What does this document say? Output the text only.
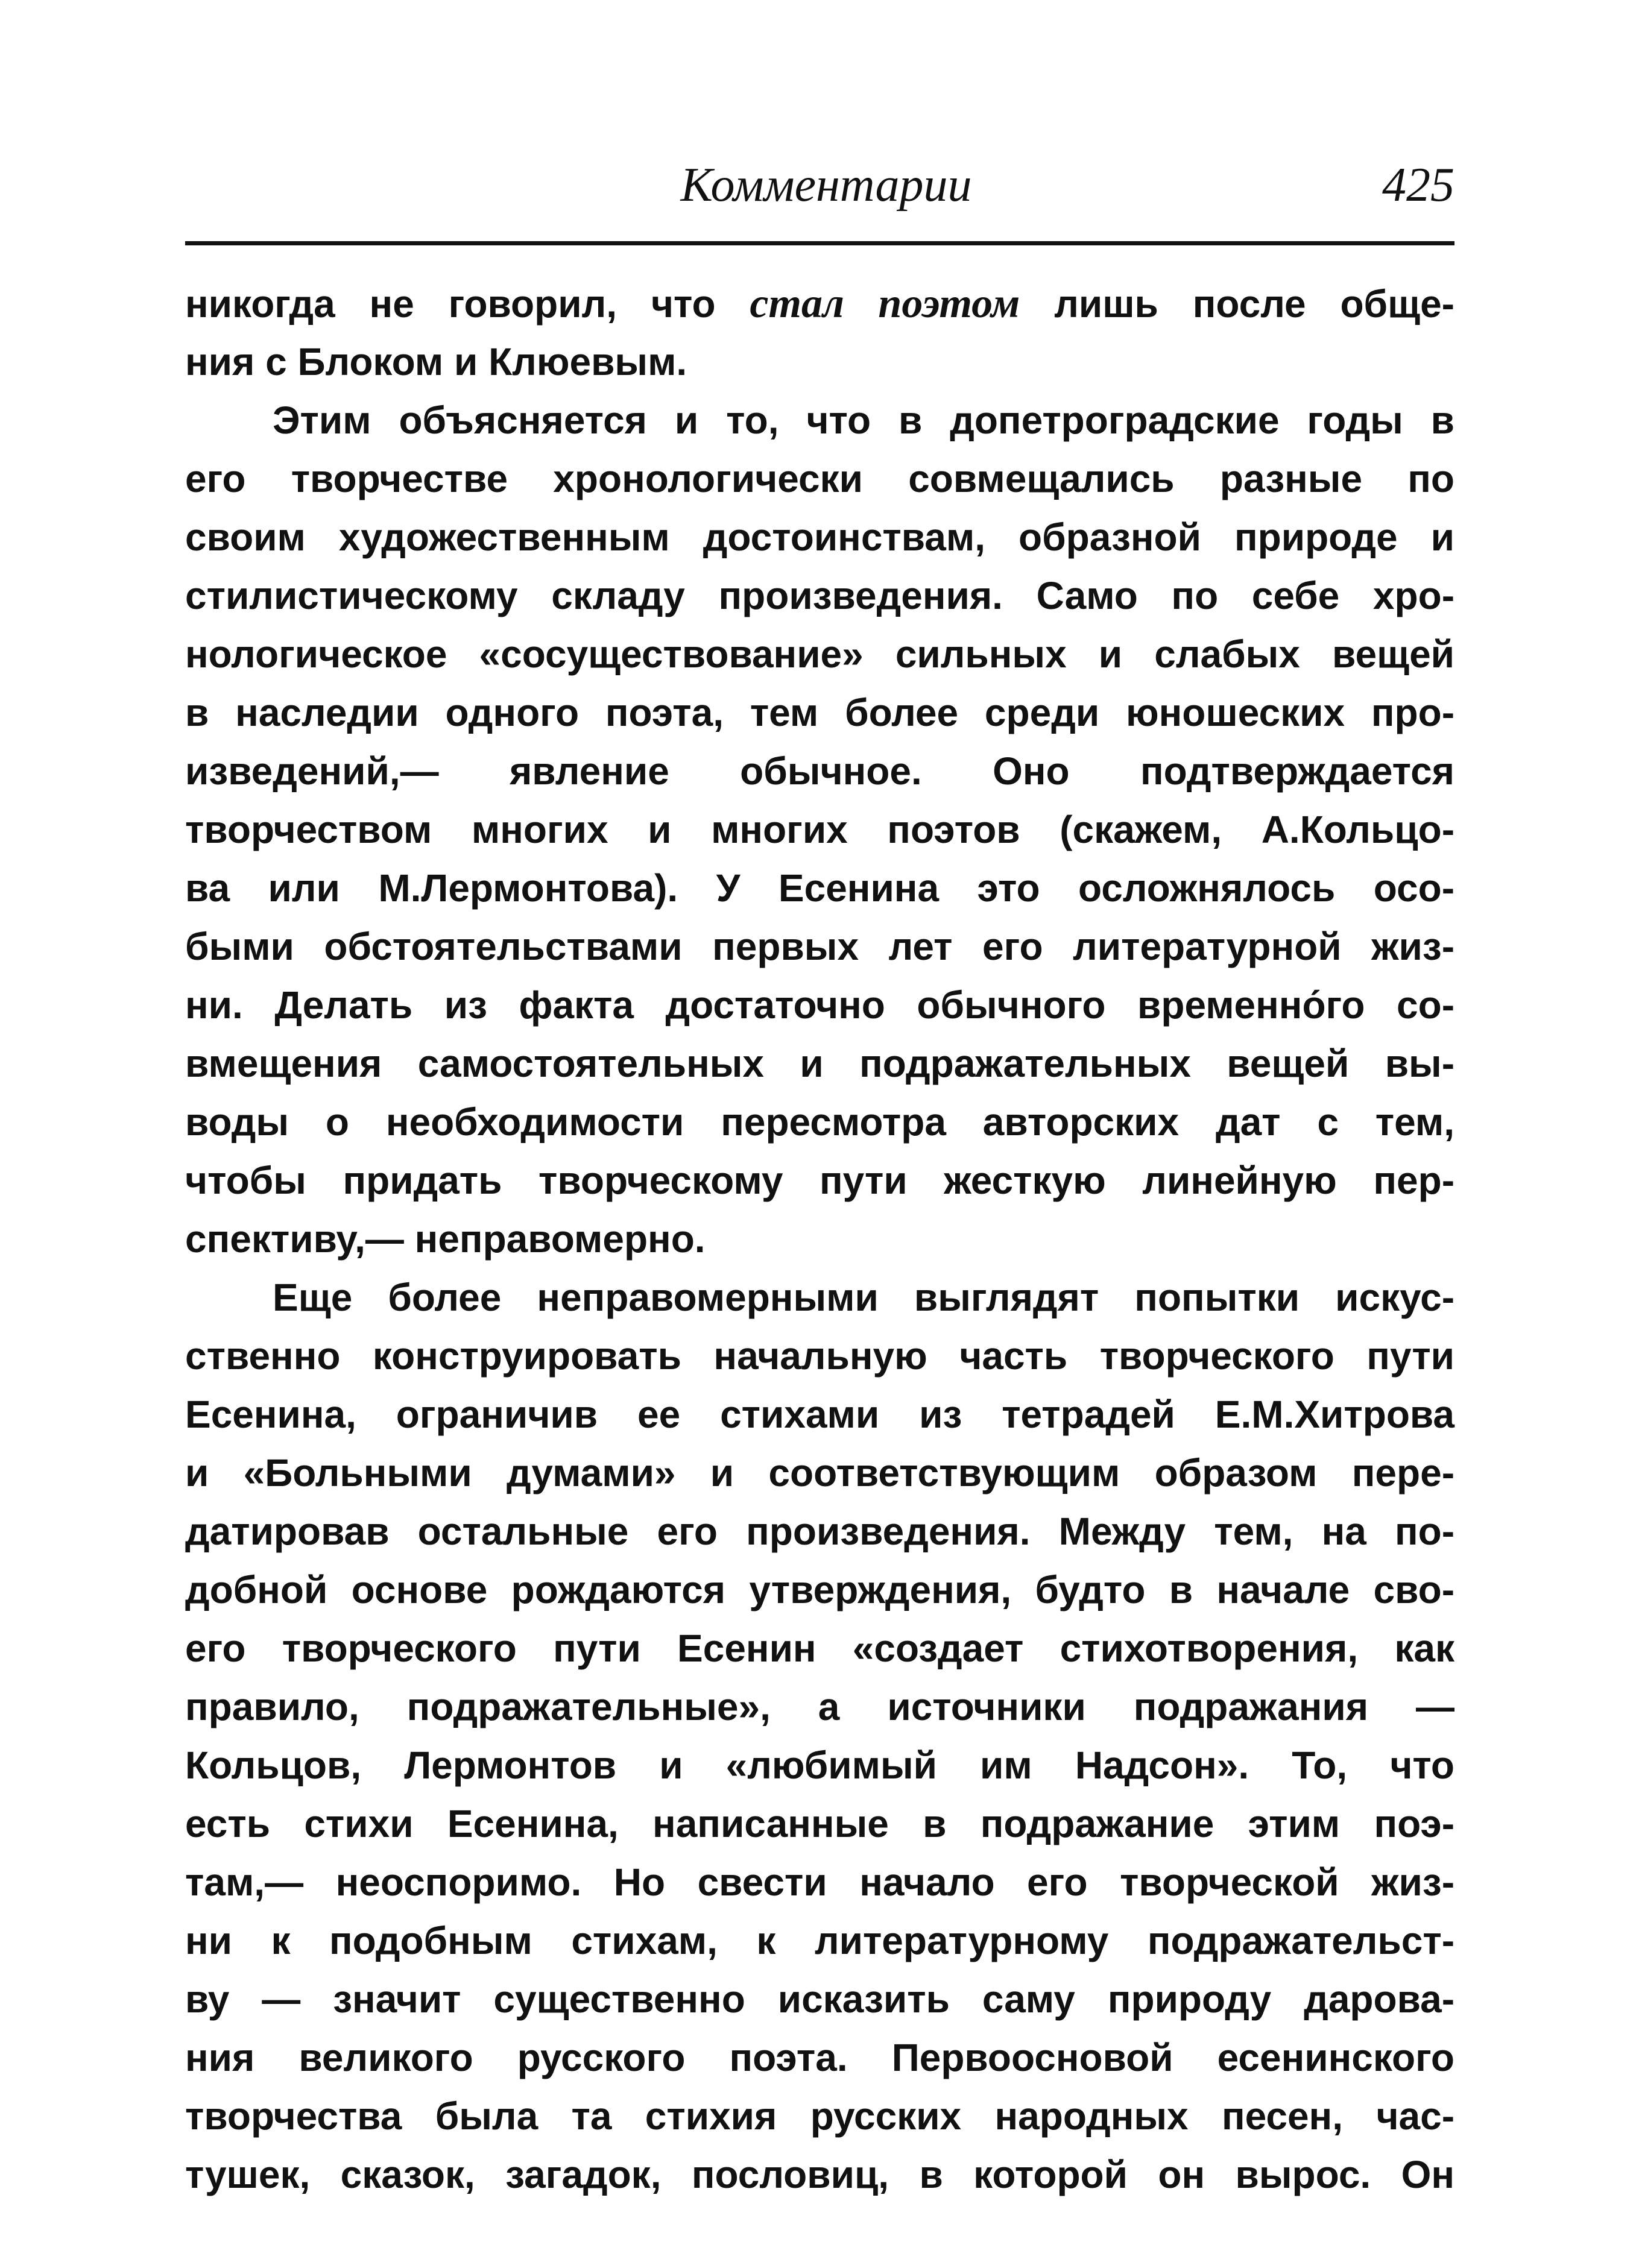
Комментарии	425
никогда не говорил, что стал поэтом лишь после обще-
ния с Блоком и Клюевым.
Этим объясняется и то, что в допетроградские годы в
его творчестве хронологически совмещались разные по
своим художественным достоинствам, образной природе и
стилистическому складу произведения. Само по себе хро-
нологическое «сосуществование» сильных и слабых вещей
в наследии одного поэта, тем более среди юношеских про-
изведений,— явление обычное. Оно подтверждается
творчеством многих и многих поэтов (скажем, А.Кольцо-
ва или М.Лермонтова). У Есенина это осложнялось осо-
быми обстоятельствами первых лет его литературной жиз-
ни. Делать из факта достаточно обычного временно́го со-
вмещения самостоятельных и подражательных вещей вы-
воды о необходимости пересмотра авторских дат с тем,
чтобы придать творческому пути жесткую линейную пер-
спективу,— неправомерно.
Еще более неправомерными выглядят попытки искус-
ственно конструировать начальную часть творческого пути
Есенина, ограничив ее стихами из тетрадей Е.М.Хитрова
и «Больными думами» и соответствующим образом пере-
датировав остальные его произведения. Между тем, на по-
добной основе рождаются утверждения, будто в начале сво-
его творческого пути Есенин «создает стихотворения, как
правило, подражательные», а источники подражания —
Кольцов, Лермонтов и «любимый им Надсон». То, что
есть стихи Есенина, написанные в подражание этим поэ-
там,— неоспоримо. Но свести начало его творческой жиз-
ни к подобным стихам, к литературному подражательст-
ву — значит существенно исказить саму природу дарова-
ния великого русского поэта. Первоосновой есенинского
творчества была та стихия русских народных песен, час-
тушек, сказок, загадок, пословиц, в которой он вырос. Он
